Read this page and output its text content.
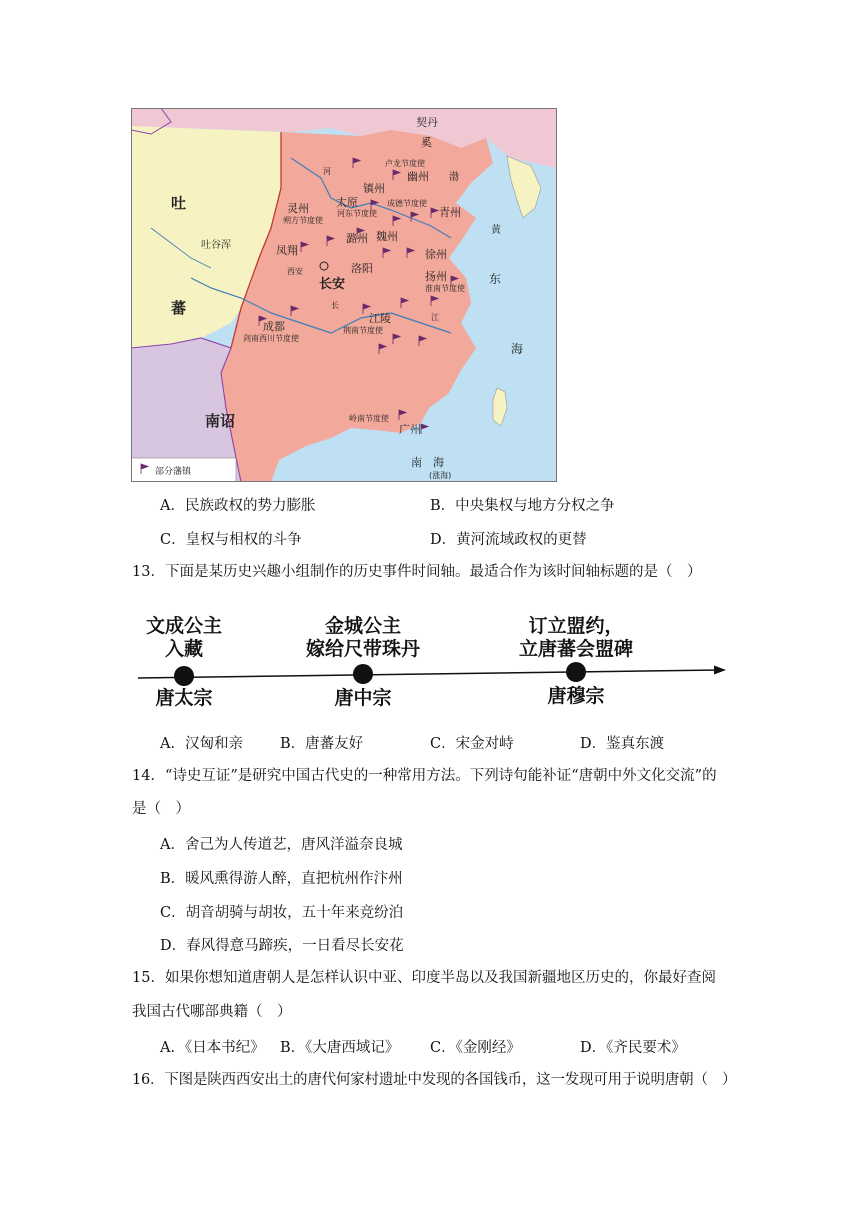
吐
蕃
吐谷浑
南诏
契丹
奚
东
海
南　海
(涨海)
渤
黄
河
长
江
幽州
镇州
太原
灵州
潞州 魏州
青州
凤翔
西安
长安
洛阳
徐州
扬州
成都
江陵
广州
卢龙节度使
朔方节度使
河东节度使
成德节度使
淮南节度使
剑南西川节度使
荆南节度使
岭南节度使
部分藩镇
A．民族政权的势力膨胀	B．中央集权与地方分权之争
C．皇权与相权的斗争	D．黄河流域政权的更替
13．下面是某历史兴趣小组制作的历史事件时间轴。最适合作为该时间轴标题的是（　）
文成公主
入藏
唐太宗
金城公主
嫁给尺带珠丹
唐中宗
订立盟约，
立唐蕃会盟碑
唐穆宗
A．汉匈和亲	B．唐蕃友好	C．宋金对峙	D．鉴真东渡
14．“诗史互证”是研究中国古代史的一种常用方法。下列诗句能补证“唐朝中外文化交流”的
是（　）
A．舍己为人传道艺，唐风洋溢奈良城
B．暖风熏得游人醉，直把杭州作汴州
C．胡音胡骑与胡妆，五十年来竞纷泊
D．春风得意马蹄疾，一日看尽长安花
15．如果你想知道唐朝人是怎样认识中亚、印度半岛以及我国新疆地区历史的，你最好查阅
我国古代哪部典籍（　）
A．《日本书纪》 B．《大唐西域记》 C．《金刚经》	D．《齐民要术》
16．下图是陕西西安出土的唐代何家村遗址中发现的各国钱币，这一发现可用于说明唐朝（　）
